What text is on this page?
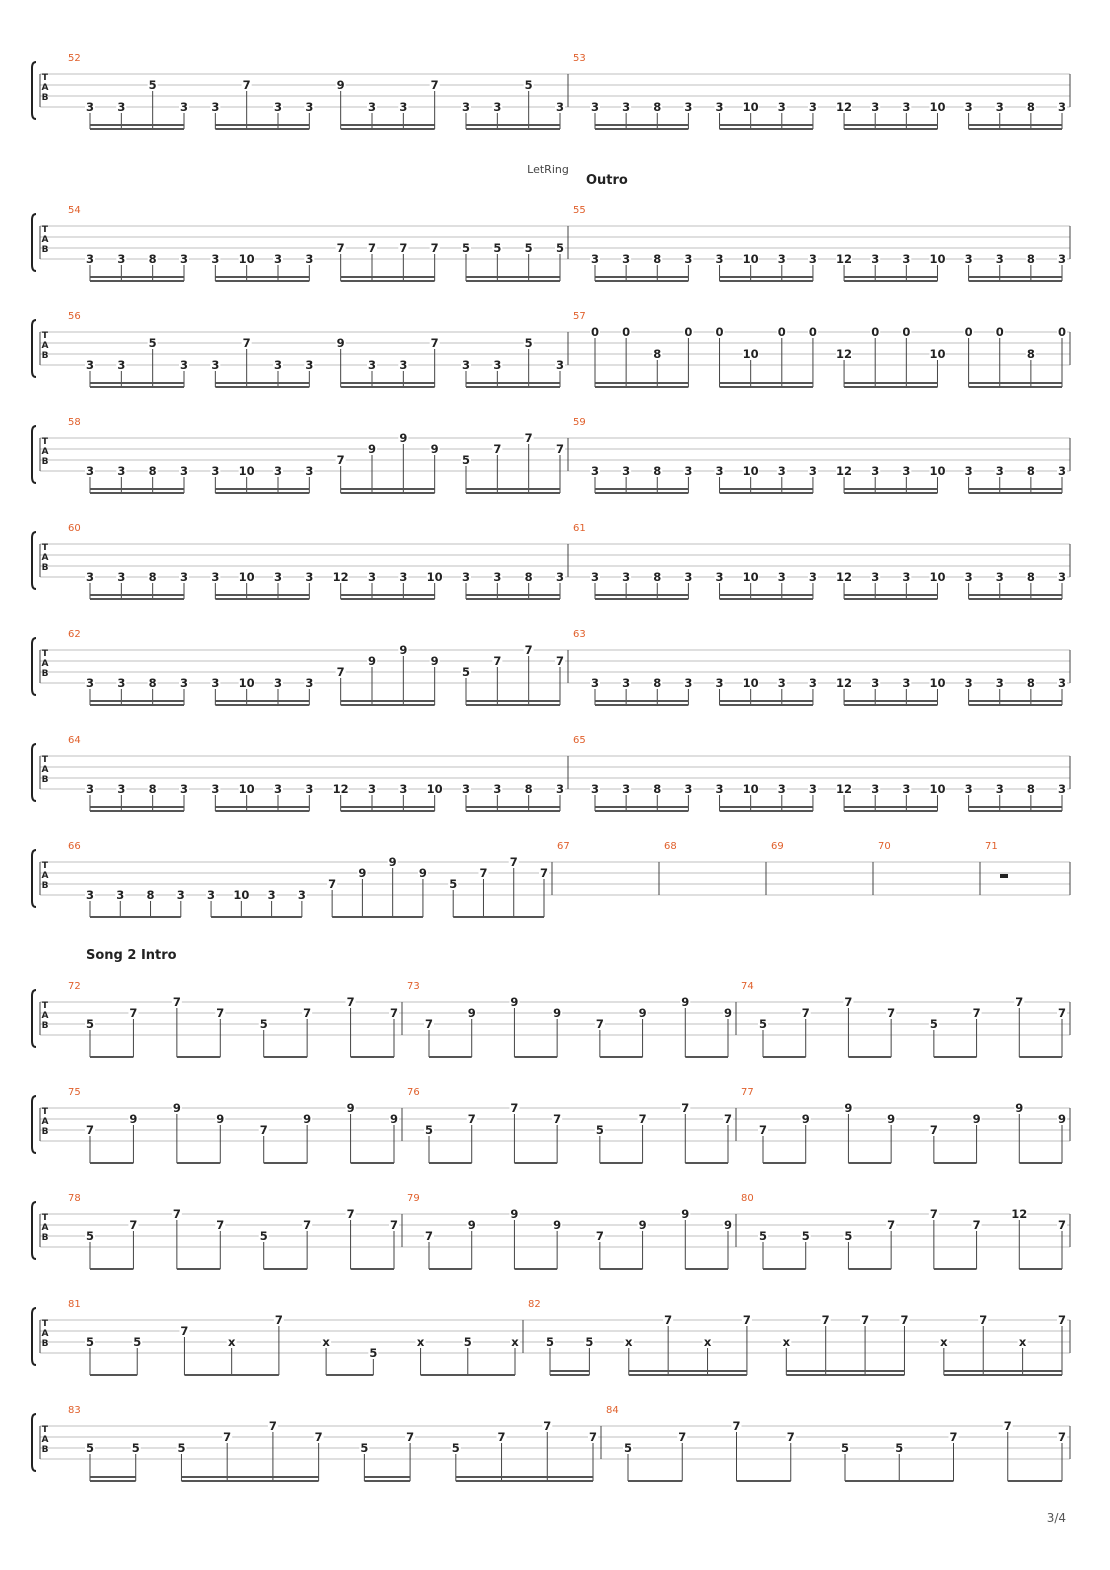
T
A
B
52
3 3
5
3 3
7
3 3
9
3 3
7
3 3
5
3
53
3 3 8 3 3 10 3 3 12 3 3 10 3 3 8 3
T
A
B
LetRing
Outro
54
3 3 8 3 3 10 3 3
7 7 7 7 5 5 5 5
55
3 3 8 3 3 10 3 3 12 3 3 10 3 3 8 3
T
A
B
56
3 3
5
3 3
7
3 3
9
3 3
7
3 3
5
3
57
0 0
8
0 0
10
0 0
12
0 0
10
0 0
8
0
T
A
B
58
3 3 8 3 3 10 3 3
7
9
9
9
5
7
7
7
59
3 3 8 3 3 10 3 3 12 3 3 10 3 3 8 3
T
A
B
60
3 3 8 3 3 10 3 3 12 3 3 10 3 3 8 3
61
3 3 8 3 3 10 3 3 12 3 3 10 3 3 8 3
T
A
B
62
3 3 8 3 3 10 3 3
7
9
9
9
5
7
7
7
63
3 3 8 3 3 10 3 3 12 3 3 10 3 3 8 3
T
A
B
64
3 3 8 3 3 10 3 3 12 3 3 10 3 3 8 3
65
3 3 8 3 3 10 3 3 12 3 3 10 3 3 8 3
T
A
B
66
3 3 8 3 3 10 3 3
7
9
9
9
5
7
7
7
67	68	69	70	71
T
A
B
Song 2 Intro
72
5
7
7
7
5
7
7
7
73
7
9
9
9
7
9
9
9
74
5
7
7
7
5
7
7
7
T
A
B
75
7
9
9
9
7
9
9
9
76
5
7
7
7
5
7
7
7
77
7
9
9
9
7
9
9
9
T
A
B
78
5
7
7
7
5
7
7
7
79
7
9
9
9
7
9
9
9
80
5	5	5
7
7
7
12
7
T
A
B
81
5	5
7
x
7
x
5
x	5	x
82
5	5	x
7
x
7
x
7	7	7
x
7
x
7
T
A
B
83
5	5	5
7
7
7
5
7
5
7
7
7
84
5
7
7
7
5	5
7
7
7
3/4
